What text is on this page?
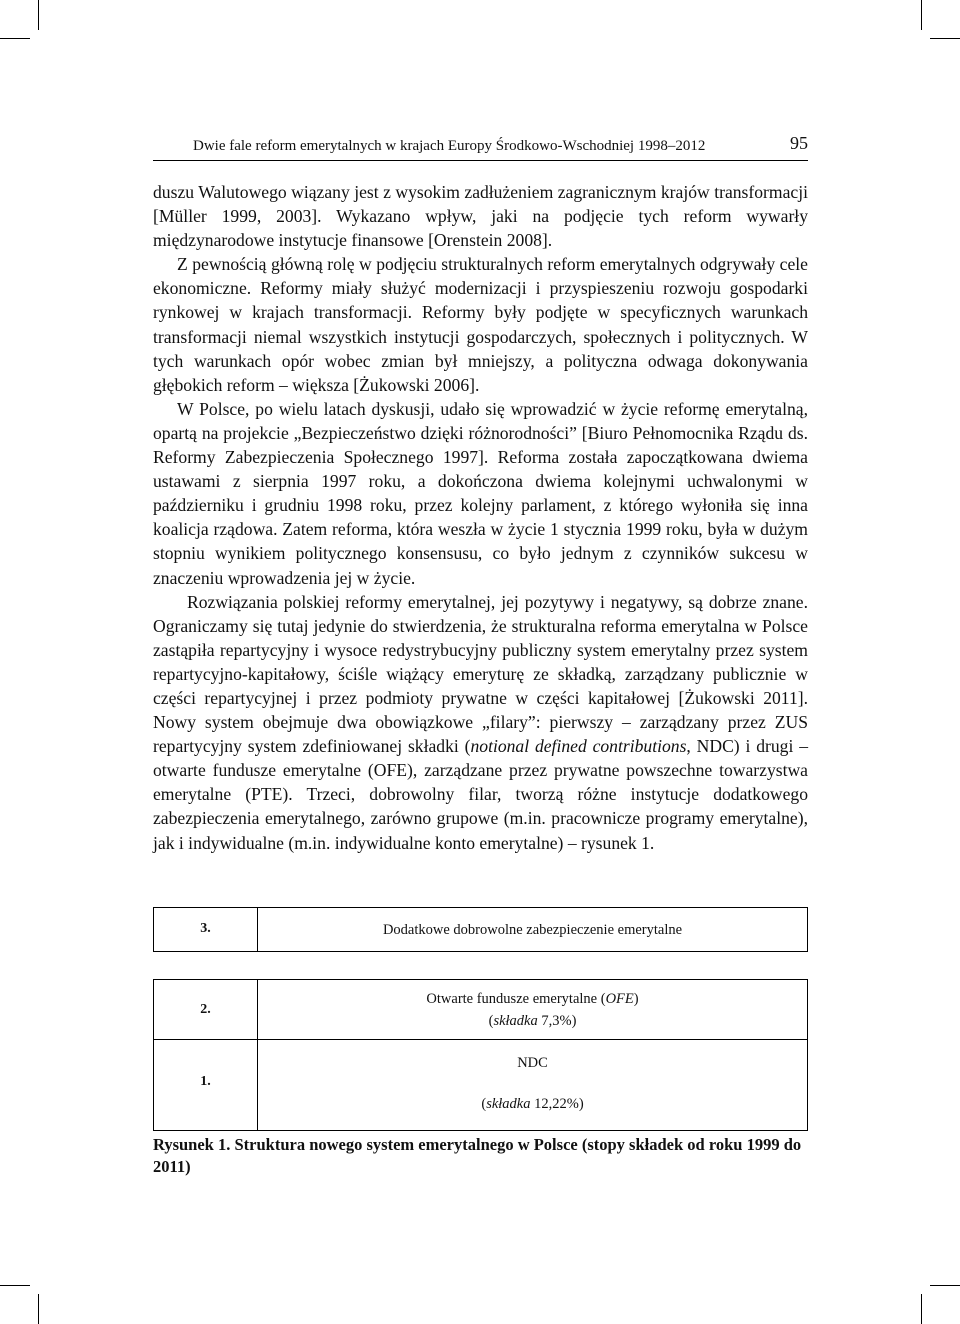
Dwie fale reform emerytalnych w krajach Europy Środkowo-Wschodniej 1998–2012	95

duszu Walutowego wiązany jest z wysokim zadłużeniem zagranicznym krajów transformacji [Müller 1999, 2003]. Wykazano wpływ, jaki na podjęcie tych reform wywarły międzynarodowe instytucje finansowe [Orenstein 2008].

Z pewnością główną rolę w podjęciu strukturalnych reform emerytalnych odgrywały cele ekonomiczne. Reformy miały służyć modernizacji i przyspieszeniu rozwoju gospodarki rynkowej w krajach transformacji. Reformy były podjęte w specyficznych warunkach transformacji niemal wszystkich instytucji gospodarczych, społecznych i politycznych. W tych warunkach opór wobec zmian był mniejszy, a polityczna odwaga dokonywania głębokich reform – większa [Żukowski 2006].

W Polsce, po wielu latach dyskusji, udało się wprowadzić w życie reformę emerytalną, opartą na projekcie „Bezpieczeństwo dzięki różnorodności” [Biuro Pełnomocnika Rządu ds. Reformy Zabezpieczenia Społecznego 1997]. Reforma została zapoczątkowana dwiema ustawami z sierpnia 1997 roku, a dokończona dwiema kolejnymi uchwalonymi w październiku i grudniu 1998 roku, przez kolejny parlament, z którego wyłoniła się inna koalicja rządowa. Zatem reforma, która weszła w życie 1 stycznia 1999 roku, była w dużym stopniu wynikiem politycznego konsensusu, co było jednym z czynników sukcesu w znaczeniu wprowadzenia jej w życie.

Rozwiązania polskiej reformy emerytalnej, jej pozytywy i negatywy, są dobrze znane. Ograniczamy się tutaj jedynie do stwierdzenia, że strukturalna reforma emerytalna w Polsce zastąpiła repartycyjny i wysoce redystrybucyjny publiczny system emerytalny przez system repartycyjno-kapitałowy, ściśle wiążący emeryturę ze składką, zarządzany publicznie w części repartycyjnej i przez podmioty prywatne w części kapitałowej [Żukowski 2011]. Nowy system obejmuje dwa obowiązkowe „filary”: pierwszy – zarządzany przez ZUS repartycyjny system zdefiniowanej składki (notional defined contributions, NDC) i drugi – otwarte fundusze emerytalne (OFE), zarządzane przez prywatne powszechne towarzystwa emerytalne (PTE). Trzeci, dobrowolny filar, tworzą różne instytucje dodatkowego zabezpieczenia emerytalnego, zarówno grupowe (m.in. pracownicze programy emerytalne), jak i indywidualne (m.in. indywidualne konto emerytalne) – rysunek 1.

3.	Dodatkowe dobrowolne zabezpieczenie emerytalne
2.
Otwarte fundusze emerytalne (OFE)
(składka 7,3%)
1.
NDC
(składka 12,22%)
Rysunek 1. Struktura nowego system emerytalnego w Polsce (stopy składek od roku 1999 do 2011)
